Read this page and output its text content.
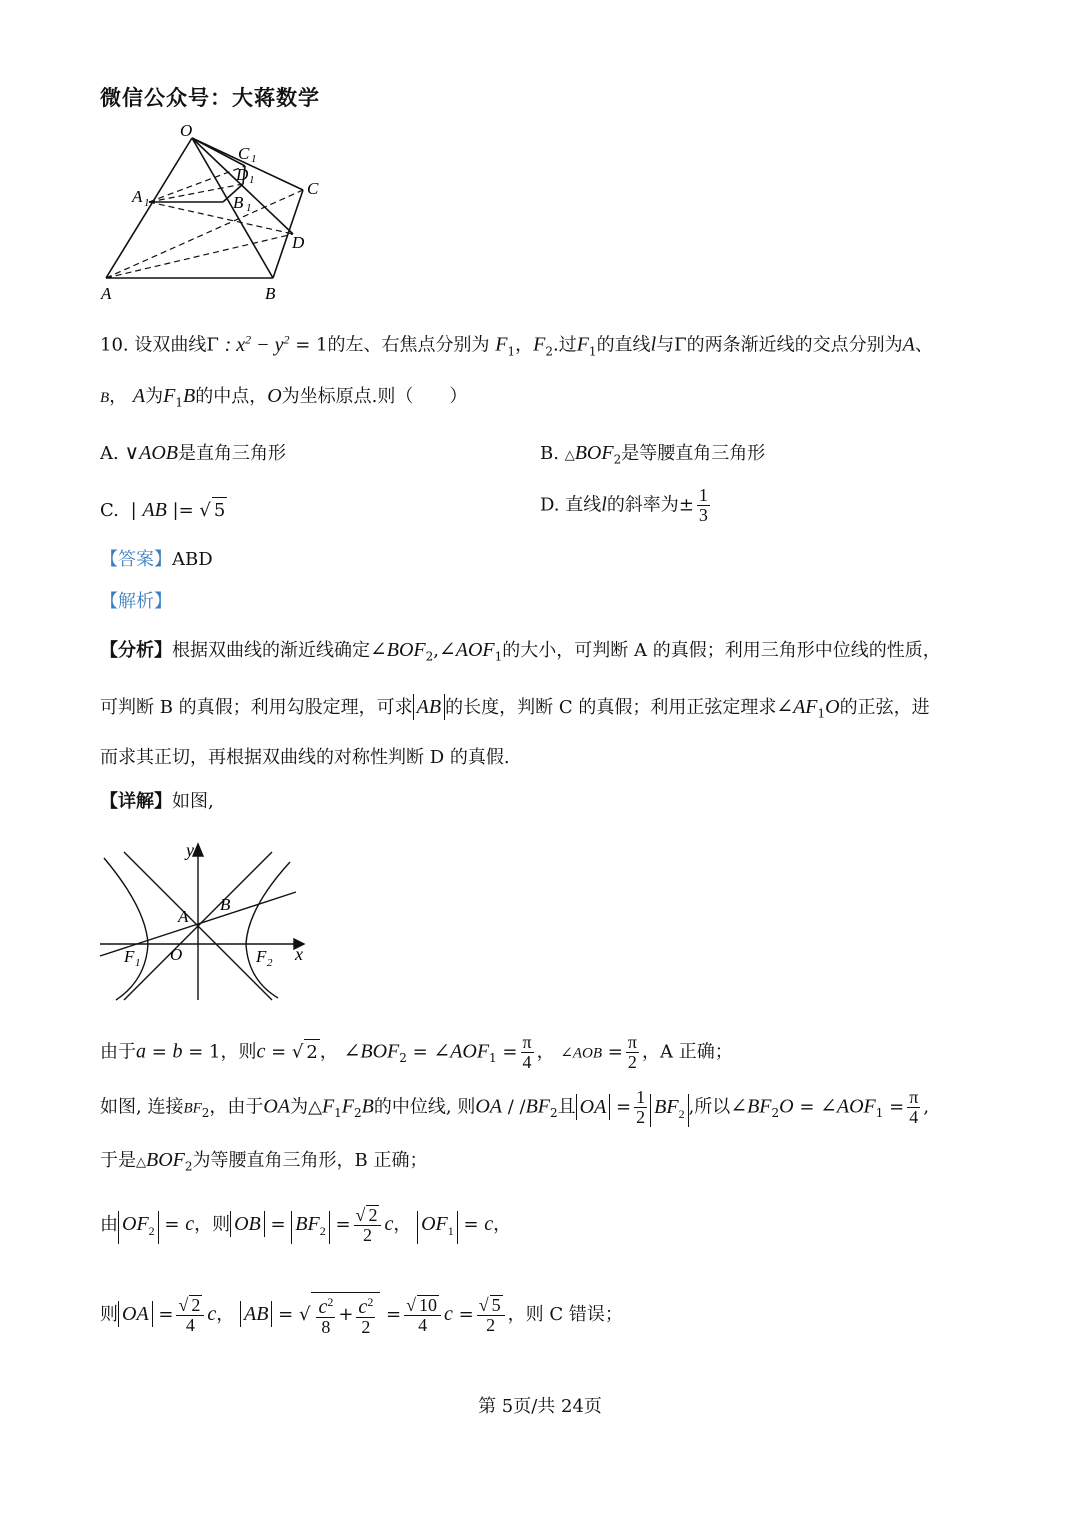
微信公众号：大蒋数学
O
C 1
D 1	C
A 1	B 1
D
A	B
10. 设双曲线Γ : $x^2 - y^2 = 1$的左、右焦点分别为 $F_1$，$F_2$.过$F_1$的直线l与Γ的两条渐近线的交点分别为A、
B， A为$F_1B$的中点，O为坐标原点.则（　　）
A. ∨AOB是直角三角形	B. $\triangle BOF_2$是等腰直角三角形
C. | AB |= √ 5	D. 直线l的斜率为± $\frac{1}{3}$
【答案】ABD
【解析】
【分析】根据双曲线的渐近线确定$\angle BOF_2,\angle AOF_1$的大小，可判断 A 的真假；利用三角形中位线的性质，
可判断 B 的真假；利用勾股定理，可求 AB 的长度，判断 C 的真假；利用正弦定理求$\angle AF_1O$的正弦，进
而求其正切，再根据双曲线的对称性判断 D 的真假.
【详解】如图,
y
x
A
B
O
F 1	F 2
由于a = b = 1，则c = √ 2 ， $\angle BOF_2$ = $\angle AOF_1 = \frac{\pi}{4}$ ， ∠AOB = $\frac{\pi}{2}$ ，A 正确；
如图, 连接$BF_2$，由于OA为$\triangle F_1F_2B$的中位线, 则OA / $/BF_2$且 OA = $\frac{1}{2} BF_2$ ,所以$\angle BF_2O$ = $\angle AOF_1 = \frac{\pi}{4}$ ,
于是$\triangle BOF_2$为等腰直角三角形，B 正确；
由 $OF_2 = c$，则 OB = $BF_2 = \frac{√ 2}{2}$ c， $OF_1 = c$，
则 OA = $\frac{√ 2}{4}$ c， AB = √ $\frac{c^2}{8} + \frac{c^2}{2} = \frac{√ 10}{4}$ $c = \frac{√ 5}{2}$ ，则 C 错误；
第 5页/共 24页
